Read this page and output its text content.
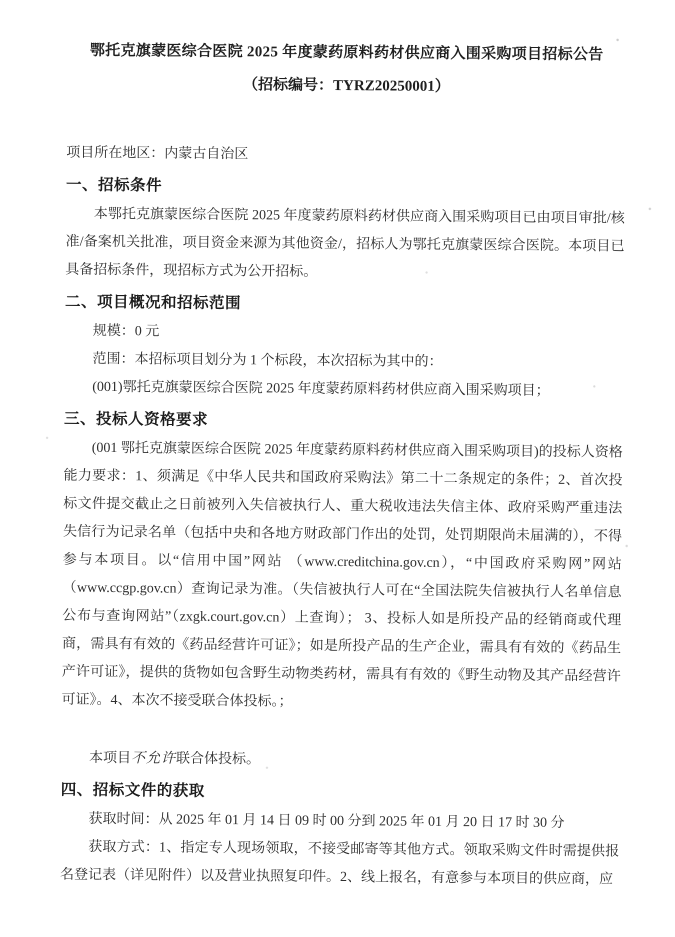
鄂托克旗蒙医综合医院 2025 年度蒙药原料药材供应商入围采购项目招标公告
（招标编号：TYRZ20250001）

项目所在地区：内蒙古自治区

一、招标条件

本鄂托克旗蒙医综合医院 2025 年度蒙药原料药材供应商入围采购项目已由项目审批/核准/备案机关批准，项目资金来源为其他资金/，招标人为鄂托克旗蒙医综合医院。本项目已具备招标条件，现招标方式为公开招标。

二、项目概况和招标范围

规模：0 元

范围：本招标项目划分为 1 个标段，本次招标为其中的：

(001)鄂托克旗蒙医综合医院 2025 年度蒙药原料药材供应商入围采购项目；

三、投标人资格要求

(001 鄂托克旗蒙医综合医院 2025 年度蒙药原料药材供应商入围采购项目)的投标人资格能力要求：1、须满足《中华人民共和国政府采购法》第二十二条规定的条件；2、首次投标文件提交截止之日前被列入失信被执行人、重大税收违法失信主体、政府采购严重违法失信行为记录名单（包括中央和各地方财政部门作出的处罚，处罚期限尚未届满的），不得参与本项目。以“信用中国”网站 （www.creditchina.gov.cn），“中国政府采购网”网站（www.ccgp.gov.cn）查询记录为准。（失信被执行人可在“全国法院失信被执行人名单信息公布与查询网站”（zxgk.court.gov.cn）上查询）； 3、投标人如是所投产品的经销商或代理商，需具有有效的《药品经营许可证》；如是所投产品的生产企业，需具有有效的《药品生产许可证》，提供的货物如包含野生动物类药材，需具有有效的《野生动物及其产品经营许可证》。4、本次不接受联合体投标。；

本项目不允许联合体投标。

四、招标文件的获取

获取时间：从 2025 年 01 月 14 日 09 时 00 分到 2025 年 01 月 20 日 17 时 30 分

获取方式：1、指定专人现场领取，不接受邮寄等其他方式。领取采购文件时需提供报名登记表（详见附件）以及营业执照复印件。2、线上报名，有意参与本项目的供应商，应
